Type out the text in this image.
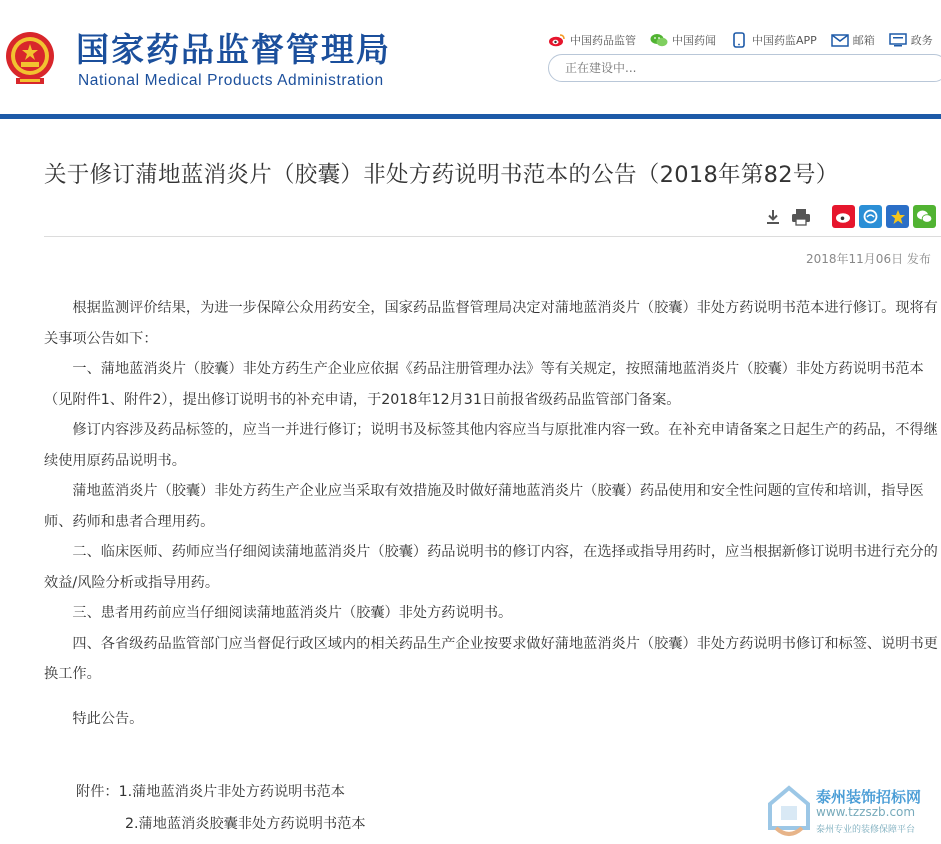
国家药品监督管理局
National Medical Products Administration
中国药品监管	中国药闻	中国药监APP	邮箱	政务
正在建设中...
关于修订蒲地蓝消炎片（胶囊）非处方药说明书范本的公告（2018年第82号）
2018年11月06日 发布

根据监测评价结果，为进一步保障公众用药安全，国家药品监督管理局决定对蒲地蓝消炎片（胶囊）非处方药说明书范本进行修订。现将有关事项公告如下：

一、蒲地蓝消炎片（胶囊）非处方药生产企业应依据《药品注册管理办法》等有关规定，按照蒲地蓝消炎片（胶囊）非处方药说明书范本（见附件1、附件2），提出修订说明书的补充申请，于2018年12月31日前报省级药品监管部门备案。

修订内容涉及药品标签的，应当一并进行修订；说明书及标签其他内容应当与原批准内容一致。在补充申请备案之日起生产的药品，不得继续使用原药品说明书。

蒲地蓝消炎片（胶囊）非处方药生产企业应当采取有效措施及时做好蒲地蓝消炎片（胶囊）药品使用和安全性问题的宣传和培训，指导医师、药师和患者合理用药。

二、临床医师、药师应当仔细阅读蒲地蓝消炎片（胶囊）药品说明书的修订内容，在选择或指导用药时，应当根据新修订说明书进行充分的效益/风险分析或指导用药。

三、患者用药前应当仔细阅读蒲地蓝消炎片（胶囊）非处方药说明书。

四、各省级药品监管部门应当督促行政区域内的相关药品生产企业按要求做好蒲地蓝消炎片（胶囊）非处方药说明书修订和标签、说明书更换工作。

特此公告。

附件：1.蒲地蓝消炎片非处方药说明书范本
2.蒲地蓝消炎胶囊非处方药说明书范本
泰州装饰招标网
www.tzzszb.com
泰州专业的装修保障平台
